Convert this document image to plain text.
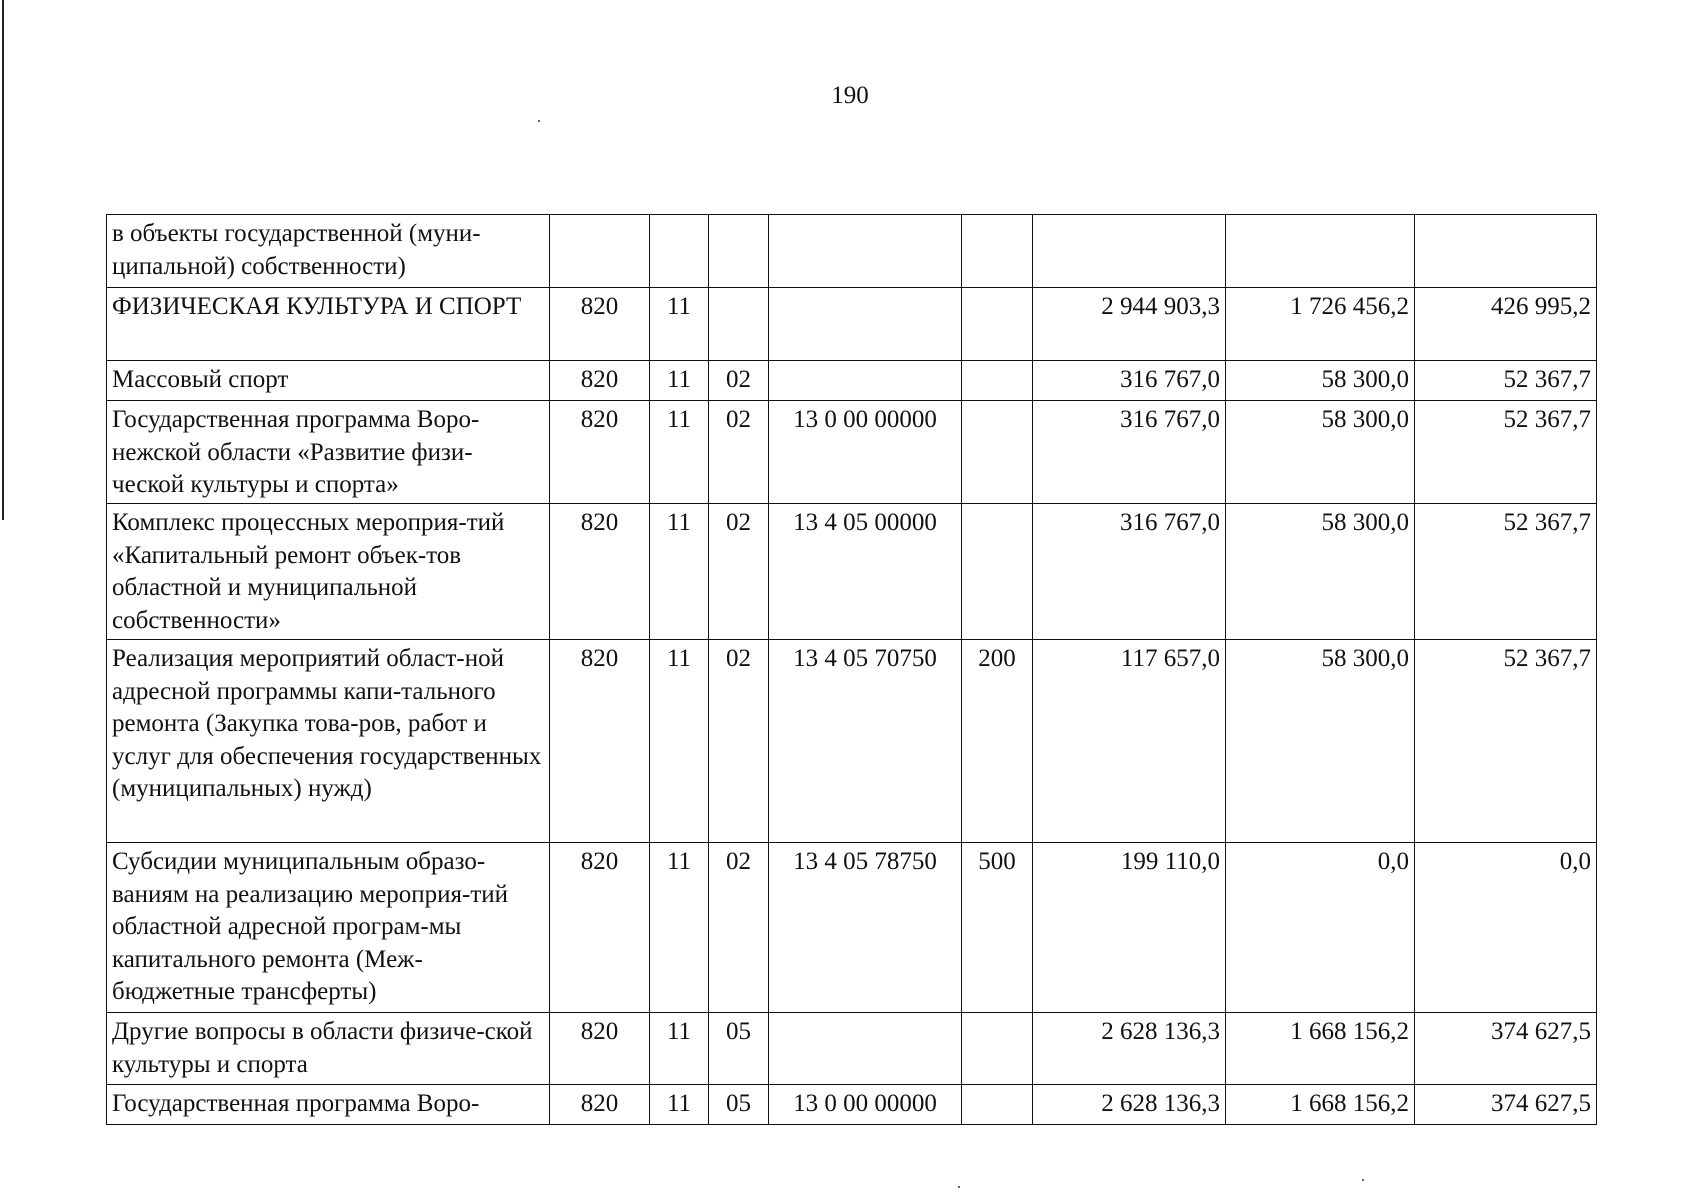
190
в объекты государственной (муни-ципальной) собственности)								
ФИЗИЧЕСКАЯ КУЛЬТУРА И СПОРТ	820	11				2 944 903,3	1 726 456,2	426 995,2
Массовый спорт	820	11	02			316 767,0	58 300,0	52 367,7
Государственная программа Воро-нежской области «Развитие физи-ческой культуры и спорта»	820	11	02	13 0 00 00000		316 767,0	58 300,0	52 367,7
Комплекс процессных мероприя-тий «Капитальный ремонт объек-тов областной и муниципальной собственности»	820	11	02	13 4 05 00000		316 767,0	58 300,0	52 367,7
Реализация мероприятий област-ной адресной программы капи-тального ремонта (Закупка това-ров, работ и услуг для обеспечения государственных (муниципальных) нужд)	820	11	02	13 4 05 70750	200	117 657,0	58 300,0	52 367,7
Субсидии муниципальным образо-ваниям на реализацию мероприя-тий областной адресной програм-мы капитального ремонта (Меж-бюджетные трансферты)	820	11	02	13 4 05 78750	500	199 110,0	0,0	0,0
Другие вопросы в области физиче-ской культуры и спорта	820	11	05			2 628 136,3	1 668 156,2	374 627,5
Государственная программа Воро-	820	11	05	13 0 00 00000		2 628 136,3	1 668 156,2	374 627,5
